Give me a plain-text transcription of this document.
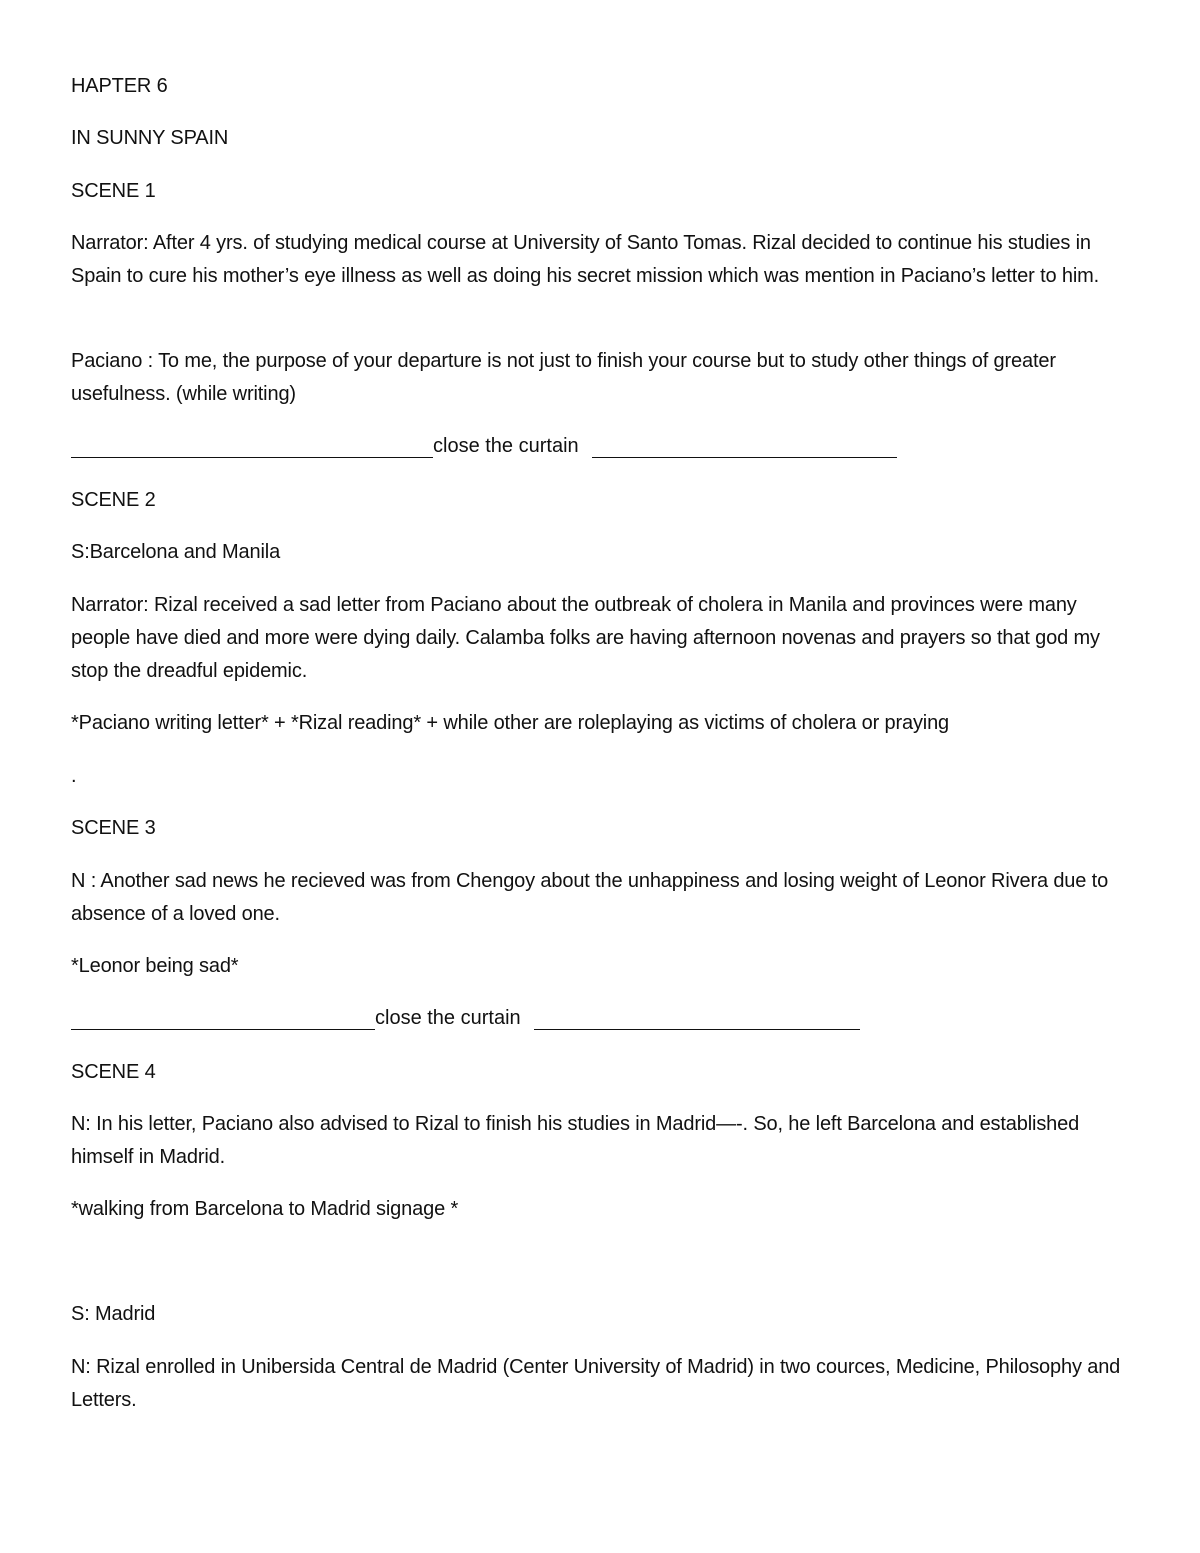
HAPTER 6

IN SUNNY SPAIN

SCENE 1

Narrator: After 4 yrs. of studying medical course at University of Santo Tomas. Rizal decided to continue his studies in Spain to cure his mother’s eye illness as well as doing his secret mission which was mention in Paciano’s letter to him.

Paciano : To me, the purpose of your departure is not just to finish your course but to study other things of greater usefulness. (while writing)

close the curtain

SCENE 2

S:Barcelona and Manila

Narrator: Rizal received a sad letter from Paciano about the outbreak of cholera in Manila and provinces were many people have died and more were dying daily. Calamba folks are having afternoon novenas and prayers so that god my stop the dreadful epidemic.

*Paciano writing letter* + *Rizal reading* + while other are roleplaying as victims of cholera or praying

.

SCENE 3

N : Another sad news he recieved was from Chengoy about the unhappiness and losing weight of Leonor Rivera due to absence of a loved one.

*Leonor being sad*

close the curtain

SCENE 4

N: In his letter, Paciano also advised to Rizal to finish his studies in Madrid—-. So, he left Barcelona and established himself in Madrid.

*walking from Barcelona to Madrid signage *

S: Madrid

N: Rizal enrolled in Unibersida Central de Madrid (Center University of Madrid) in two cources, Medicine, Philosophy and Letters.
